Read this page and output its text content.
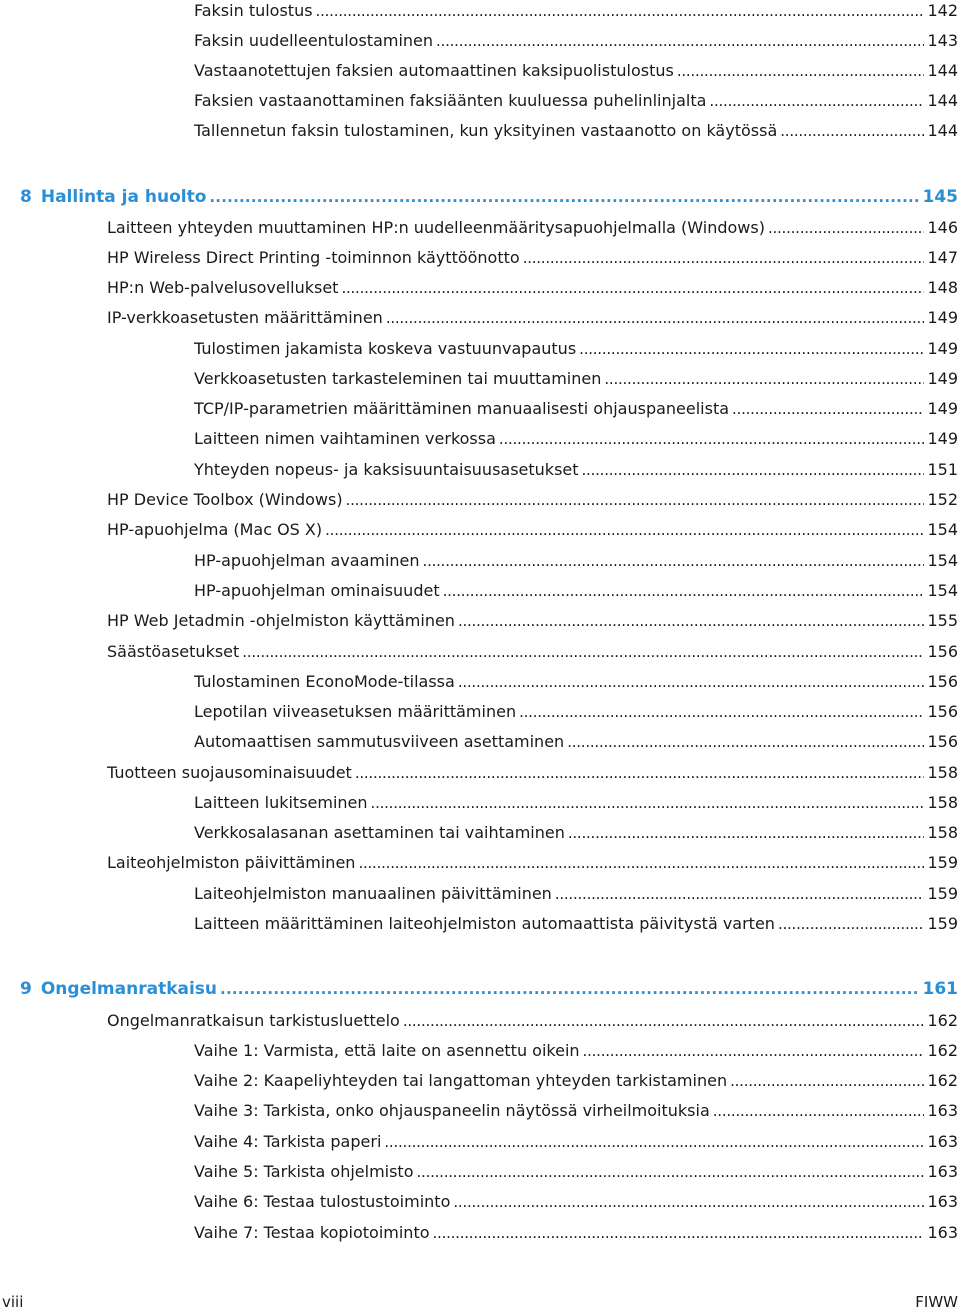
Faksin tulostus . . .	142
Faksin uudelleentulostaminen . . .	143
Vastaanotettujen faksien automaattinen kaksipuolistulostus . . .	144
Faksien vastaanottaminen faksiäänten kuuluessa puhelinlinjalta . . .	144
Tallennetun faksin tulostaminen, kun yksityinen vastaanotto on käytössä . . .	144
8 Hallinta ja huolto . . .	145
Laitteen yhteyden muuttaminen HP:n uudelleenmääritysapuohjelmalla (Windows) . . .	146
HP Wireless Direct Printing -toiminnon käyttöönotto . . .	147
HP:n Web-palvelusovellukset . . .	148
IP-verkkoasetusten määrittäminen . . .	149
Tulostimen jakamista koskeva vastuunvapautus . . .	149
Verkkoasetusten tarkasteleminen tai muuttaminen . . .	149
TCP/IP-parametrien määrittäminen manuaalisesti ohjauspaneelista . . .	149
Laitteen nimen vaihtaminen verkossa . . .	149
Yhteyden nopeus- ja kaksisuuntaisuusasetukset . . .	151
HP Device Toolbox (Windows) . . .	152
HP-apuohjelma (Mac OS X) . . .	154
HP-apuohjelman avaaminen . . .	154
HP-apuohjelman ominaisuudet . . .	154
HP Web Jetadmin -ohjelmiston käyttäminen . . .	155
Säästöasetukset . . .	156
Tulostaminen EconoMode-tilassa . . .	156
Lepotilan viiveasetuksen määrittäminen . . .	156
Automaattisen sammutusviiveen asettaminen . . .	156
Tuotteen suojausominaisuudet . . .	158
Laitteen lukitseminen . . .	158
Verkkosalasanan asettaminen tai vaihtaminen . . .	158
Laiteohjelmiston päivittäminen . . .	159
Laiteohjelmiston manuaalinen päivittäminen . . .	159
Laitteen määrittäminen laiteohjelmiston automaattista päivitystä varten . . .	159
9 Ongelmanratkaisu . . .	161
Ongelmanratkaisun tarkistusluettelo . . .	162
Vaihe 1: Varmista, että laite on asennettu oikein . . .	162
Vaihe 2: Kaapeliyhteyden tai langattoman yhteyden tarkistaminen . . .	162
Vaihe 3: Tarkista, onko ohjauspaneelin näytössä virheilmoituksia . . .	163
Vaihe 4: Tarkista paperi . . .	163
Vaihe 5: Tarkista ohjelmisto . . .	163
Vaihe 6: Testaa tulostustoiminto . . .	163
Vaihe 7: Testaa kopiotoiminto . . .	163
viii	FIWW
